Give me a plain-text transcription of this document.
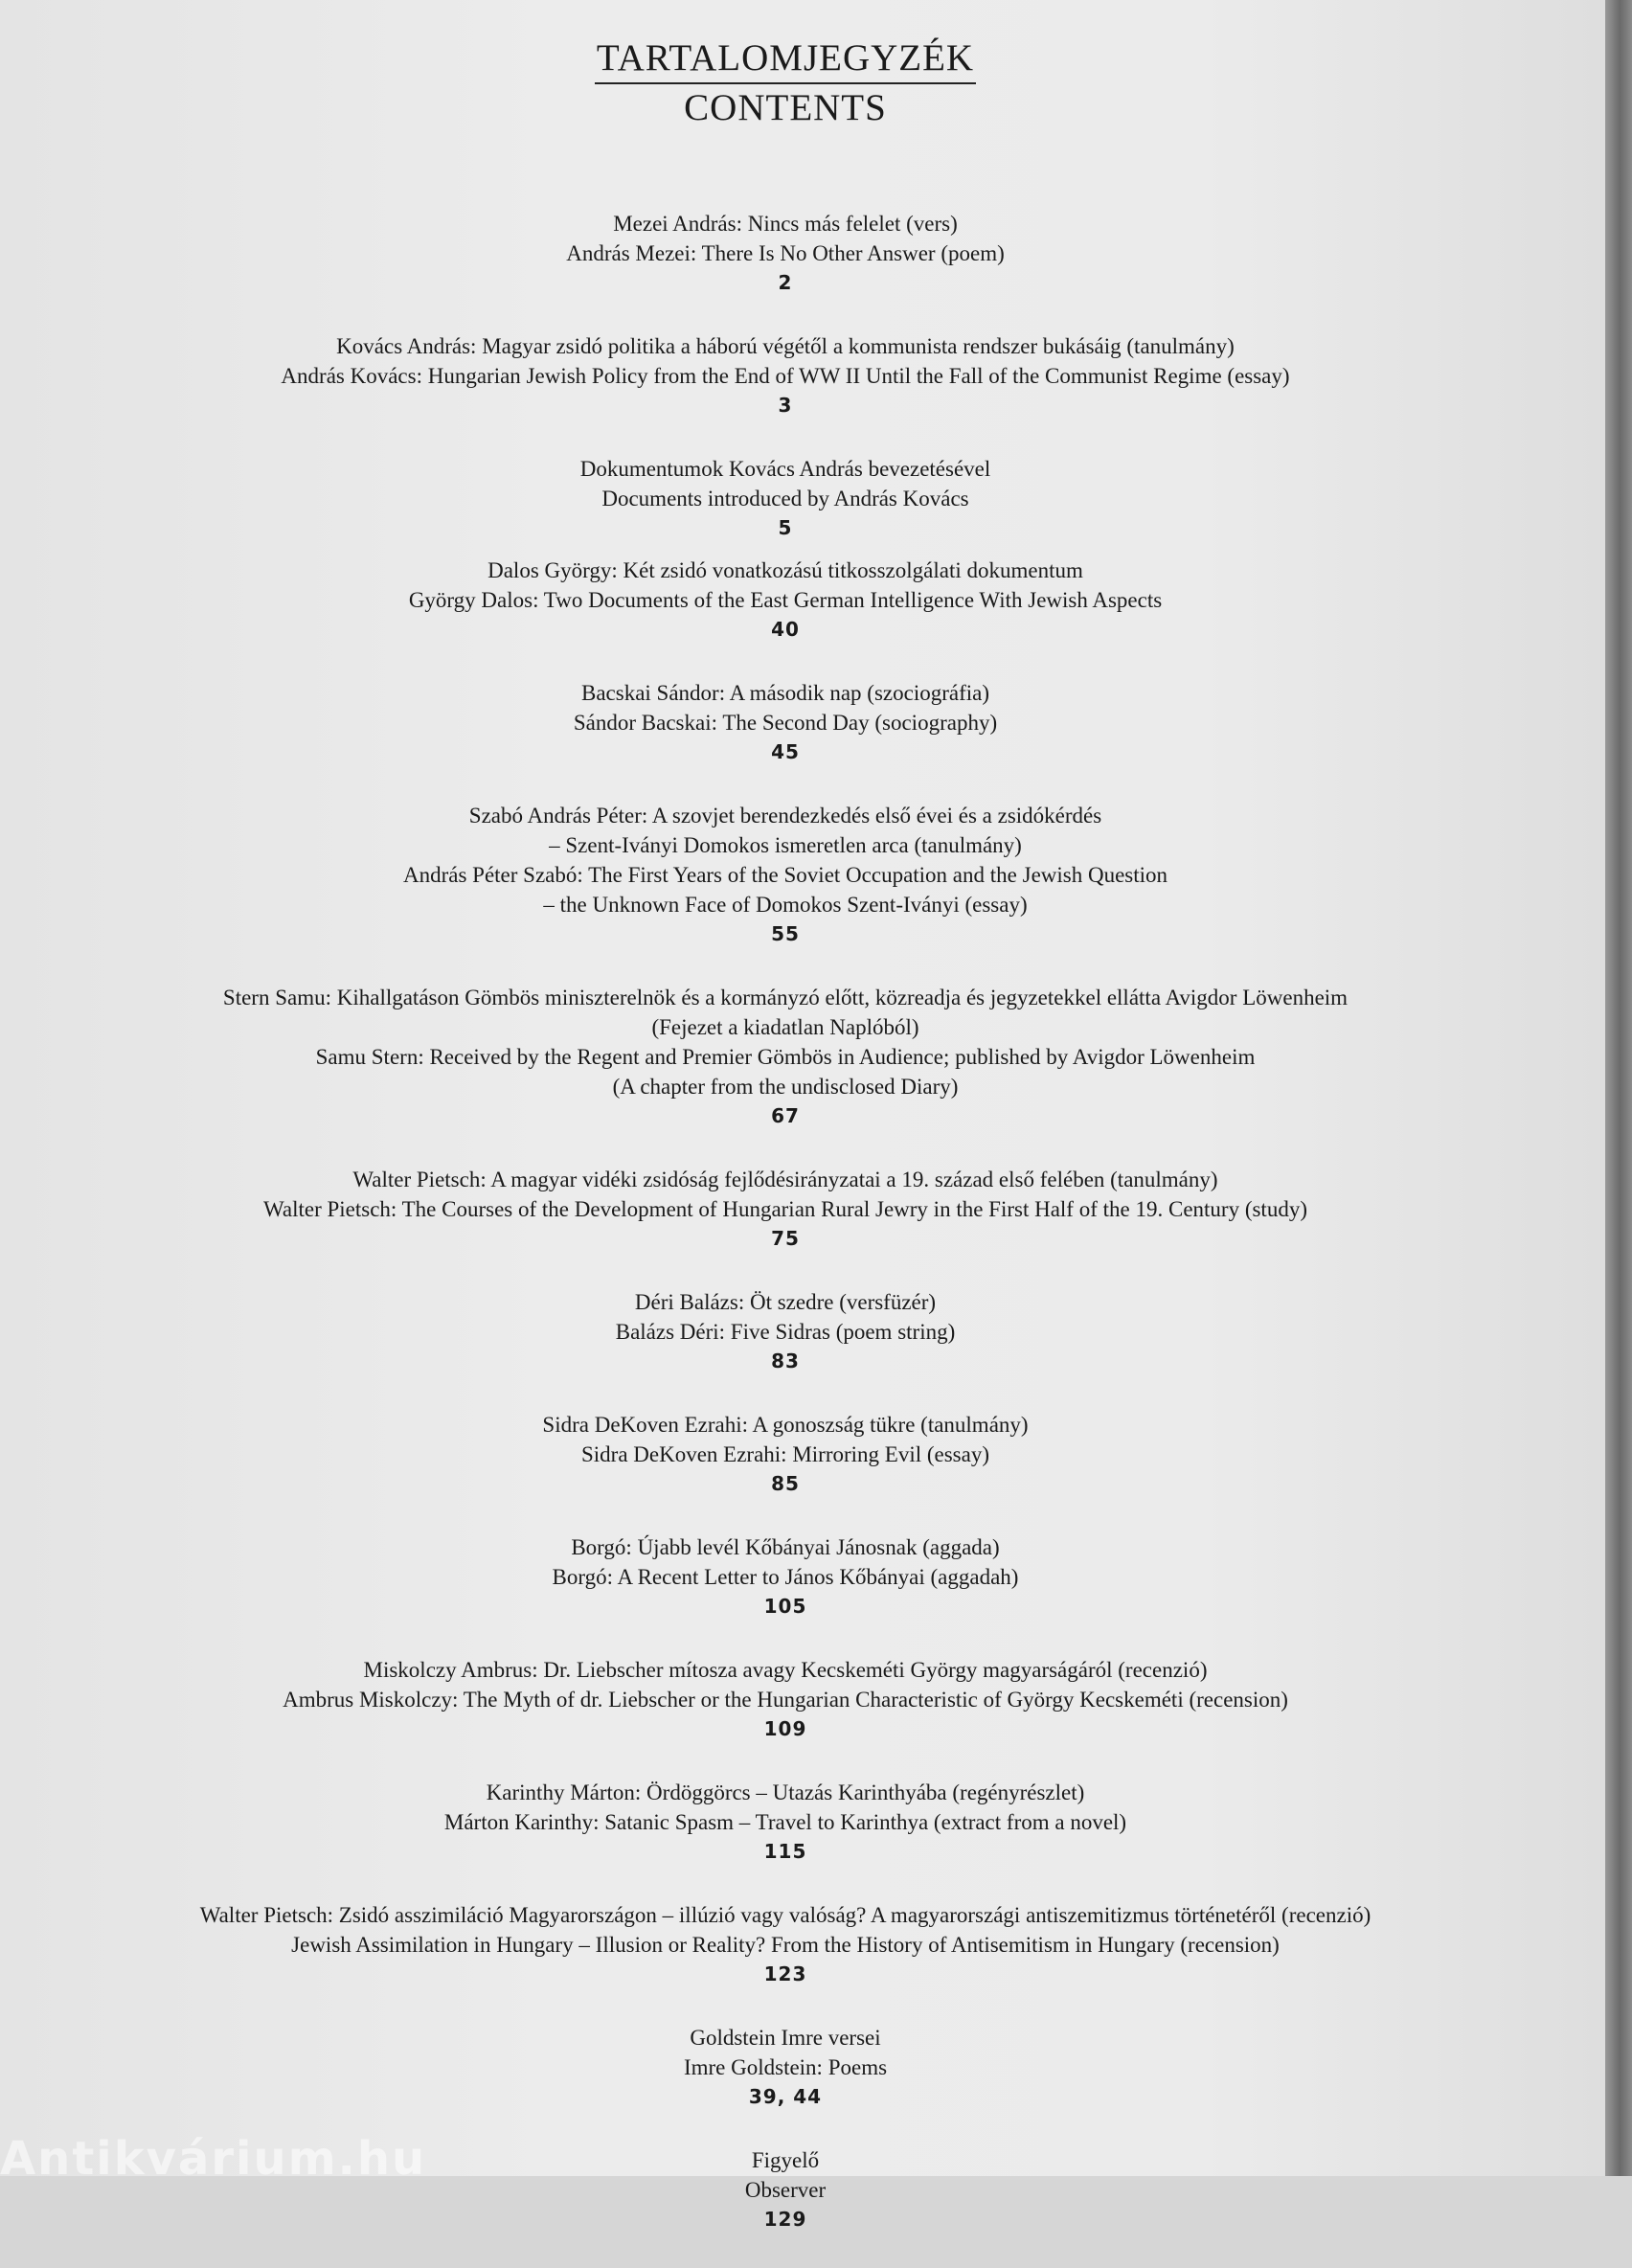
TARTALOMJEGYZÉK
CONTENTS
Mezei András: Nincs más felelet (vers)
András Mezei: There Is No Other Answer (poem)
2
Kovács András: Magyar zsidó politika a háború végétől a kommunista rendszer bukásáig (tanulmány)
András Kovács: Hungarian Jewish Policy from the End of WW II Until the Fall of the Communist Regime (essay)
3
Dokumentumok Kovács András bevezetésével
Documents introduced by András Kovács
5
Dalos György: Két zsidó vonatkozású titkosszolgálati dokumentum
György Dalos: Two Documents of the East German Intelligence With Jewish Aspects
40
Bacskai Sándor: A második nap (szociográfia)
Sándor Bacskai: The Second Day (sociography)
45
Szabó András Péter: A szovjet berendezkedés első évei és a zsidókérdés
– Szent-Iványi Domokos ismeretlen arca (tanulmány)
András Péter Szabó: The First Years of the Soviet Occupation and the Jewish Question
– the Unknown Face of Domokos Szent-Iványi (essay)
55
Stern Samu: Kihallgatáson Gömbös miniszterelnök és a kormányzó előtt, közreadja és jegyzetekkel ellátta Avigdor Löwenheim
(Fejezet a kiadatlan Naplóból)
Samu Stern: Received by the Regent and Premier Gömbös in Audience; published by Avigdor Löwenheim
(A chapter from the undisclosed Diary)
67
Walter Pietsch: A magyar vidéki zsidóság fejlődésirányzatai a 19. század első felében (tanulmány)
Walter Pietsch: The Courses of the Development of Hungarian Rural Jewry in the First Half of the 19. Century (study)
75
Déri Balázs: Öt szedre (versfüzér)
Balázs Déri: Five Sidras (poem string)
83
Sidra DeKoven Ezrahi: A gonoszság tükre (tanulmány)
Sidra DeKoven Ezrahi: Mirroring Evil (essay)
85
Borgó: Újabb levél Kőbányai Jánosnak (aggada)
Borgó: A Recent Letter to János Kőbányai (aggadah)
105
Miskolczy Ambrus: Dr. Liebscher mítosza avagy Kecskeméti György magyarságáról (recenzió)
Ambrus Miskolczy: The Myth of dr. Liebscher or the Hungarian Characteristic of György Kecskeméti (recension)
109
Karinthy Márton: Ördöggörcs – Utazás Karinthyába (regényrészlet)
Márton Karinthy: Satanic Spasm – Travel to Karinthya (extract from a novel)
115
Walter Pietsch: Zsidó asszimiláció Magyarországon – illúzió vagy valóság? A magyarországi antiszemitizmus történetéről (recenzió)
Jewish Assimilation in Hungary – Illusion or Reality? From the History of Antisemitism in Hungary (recension)
123
Goldstein Imre versei
Imre Goldstein: Poems
39, 44
Figyelő
Observer
129
Antikvárium.hu
